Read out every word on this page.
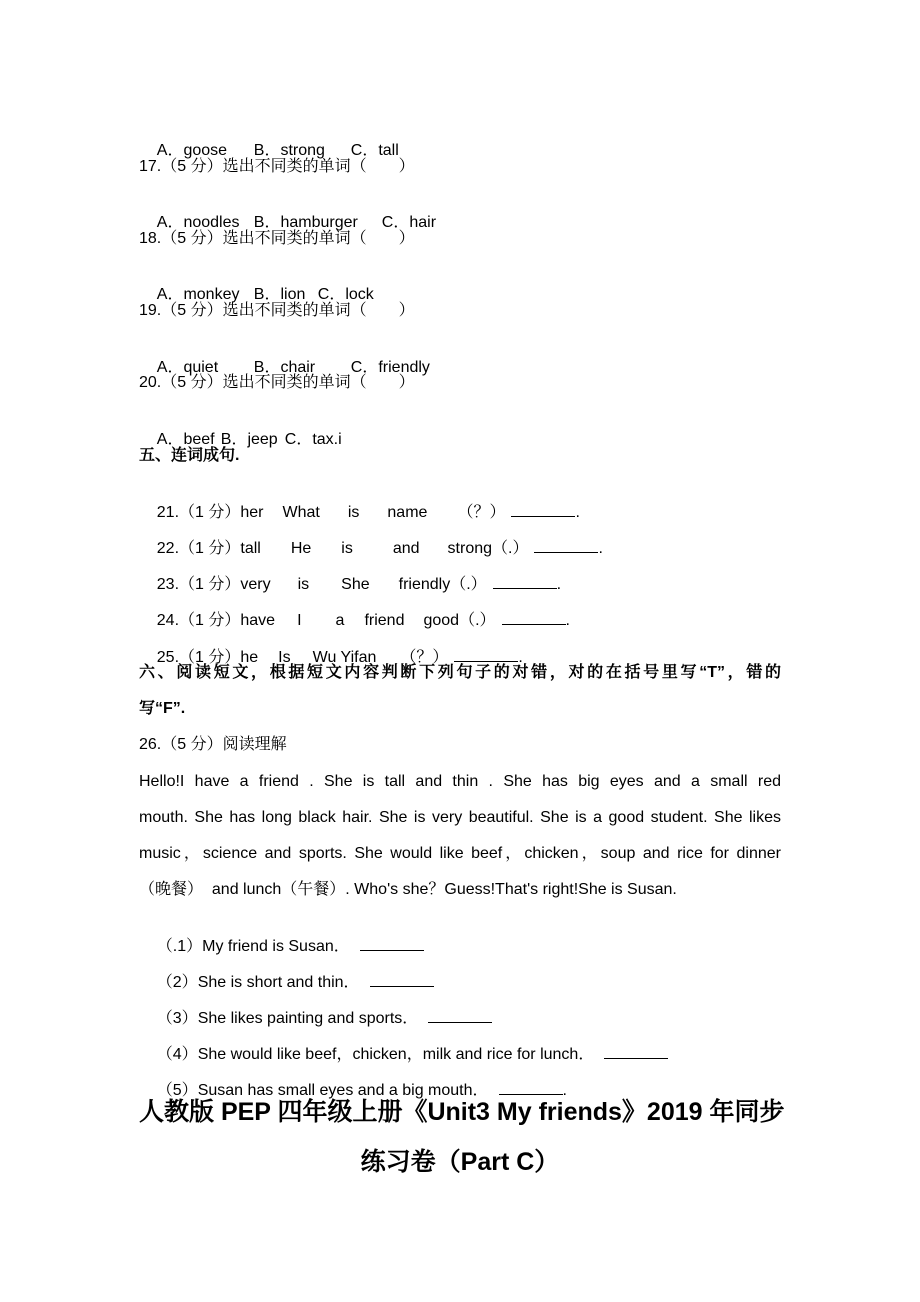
A．goose B．strong C．tall

17.（5 分）选出不同类的单词（　　）

A．noodles B．hamburger C．hair

18.（5 分）选出不同类的单词（　　）

A．monkey B．lion C．lock

19.（5 分）选出不同类的单词（　　）

A．quiet B．chair C．friendly

20.（5 分）选出不同类的单词（　　）

A．beef B．jeep C．tax.i

五、连词成句.

21.（1 分）her What is name （？）	.

22.（1 分）tall He is	and strong（.）	.

23.（1 分）very is She friendly（.）	.

24.（1 分）have I a friend good（.）	.

25.（1 分）he Is Wu Yifan （？）	.

六、阅读短文，根据短文内容判断下列句子的对错，对的在括号里写“T”，错的
写“F”.
26.（5 分）阅读理解
Hello!I have a friend . She is tall and thin . She has big eyes and a small red
mouth. She has long black hair. She is very beautiful. She is a good student. She likes
music，science and sports. She would like beef，chicken，soup and rice for dinner
（晚餐）  and lunch（午餐）. Who's she？Guess!That's right!She is Susan.

（.1）My friend is Susan．

（2）She is short and thin．

（3）She likes painting and sports．

（4）She would like beef，chicken，milk and rice for lunch．

（5）Susan has small eyes and a big mouth．	.

人教版 PEP 四年级上册《Unit3 My friends》2019 年同步
练习卷（Part C）
